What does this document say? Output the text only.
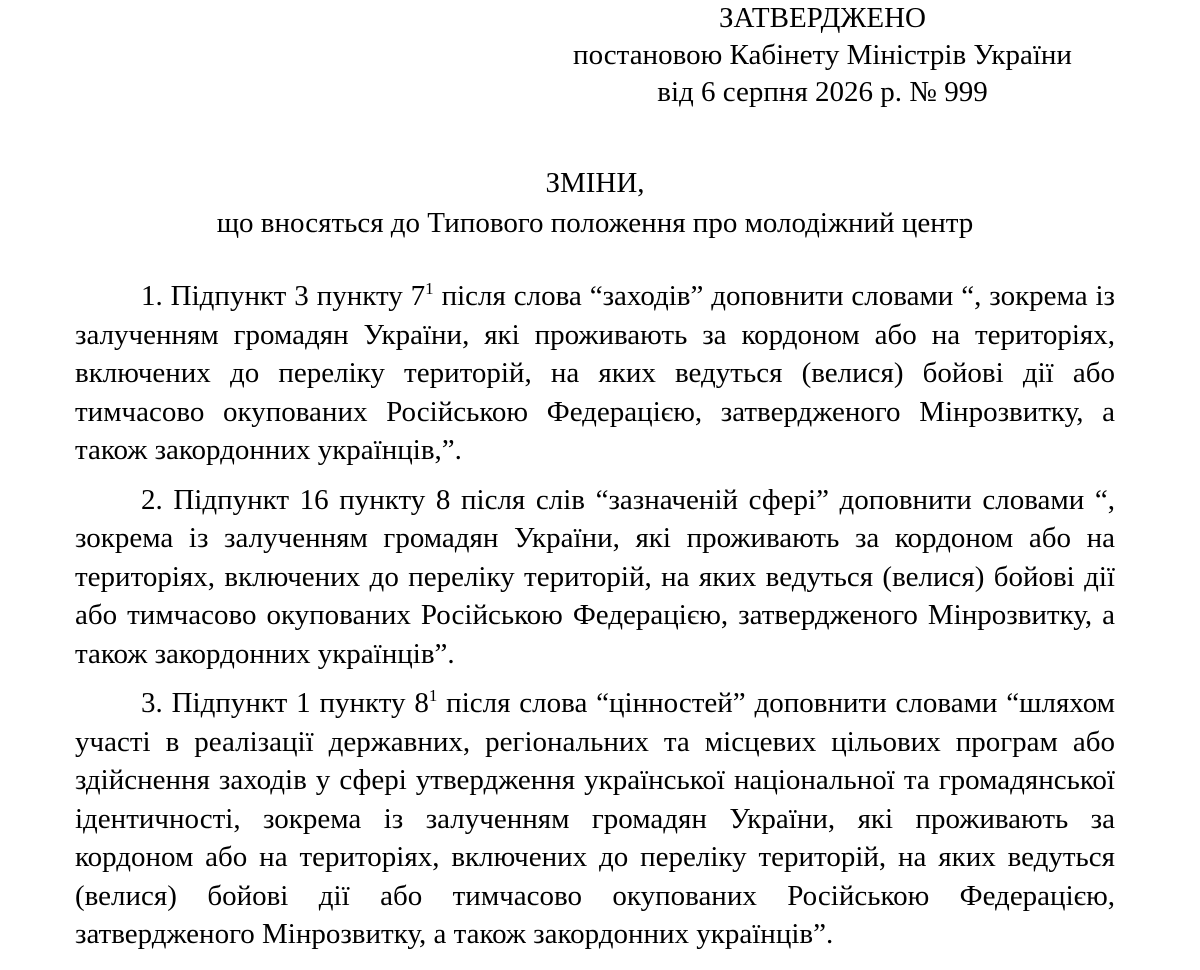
ЗАТВЕРДЖЕНО
постановою Кабінету Міністрів України
від 6 серпня 2026 р. № 999
ЗМІНИ,
що вносяться до Типового положення про молодіжний центр

1. Підпункт 3 пункту $7^1$ після слова “заходів” доповнити словами “, зокрема із залученням громадян України, які проживають за кордоном або на територіях, включених до переліку територій, на яких ведуться (велися) бойові дії або тимчасово окупованих Російською Федерацією, затвердженого Мінрозвитку, а також закордонних українців,”.

2. Підпункт 16 пункту 8 після слів “зазначеній сфері” доповнити словами “, зокрема із залученням громадян України, які проживають за кордоном або на територіях, включених до переліку територій, на яких ведуться (велися) бойові дії або тимчасово окупованих Російською Федерацією, затвердженого Мінрозвитку, а також закордонних українців”.

3. Підпункт 1 пункту $8^1$ після слова “цінностей” доповнити словами “шляхом участі в реалізації державних, регіональних та місцевих цільових програм або здійснення заходів у сфері утвердження української національної та громадянської ідентичності, зокрема із залученням громадян України, які проживають за кордоном або на територіях, включених до переліку територій, на яких ведуться (велися) бойові дії або тимчасово окупованих Російською Федерацією, затвердженого Мінрозвитку, а також закордонних українців”.
